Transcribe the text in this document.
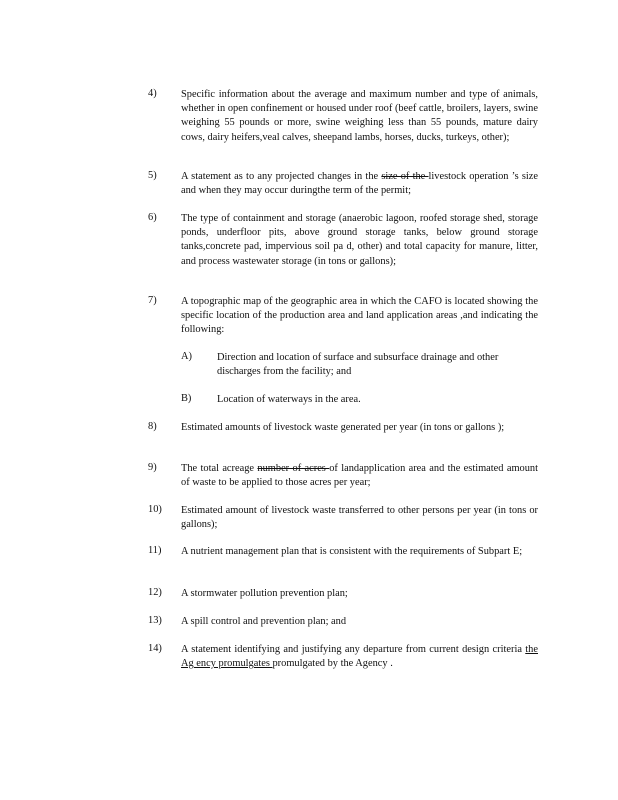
4) Specific information about the average and maximum number and type of animals, whether in open confinement or housed under roof (beef cattle, broilers, layers, swine weighing 55 pounds or more, swine weighing less than 55 pounds, mature dairy cows, dairy heifers,veal calves, sheepand lambs, horses, ducks, turkeys, other);
5) A statement as to any projected changes in the size of the livestock operation ’s size and when they may occur duringthe term of the permit;
6) The type of containment and storage (anaerobic lagoon, roofed storage shed, storage ponds, underfloor pits, above ground storage tanks, below ground storage tanks,concrete pad, impervious soil pa d, other) and total capacity for manure, litter, and process wastewater storage (in tons or gallons);
7) A topographic map of the geographic area in which the CAFO is located showing the specific location of the production area and land application areas ,and indicating the following:
A) Direction and location of surface and subsurface drainage and other discharges from the facility; and
B) Location of waterways in the area.
8) Estimated amounts of livestock waste generated per year (in tons or gallons );
9) The total acreage number of acres of landapplication area and the estimated amount of waste to be applied to those acres per year;
10) Estimated amount of livestock waste transferred to other persons per year (in tons or gallons);
11) A nutrient management plan that is consistent with the requirements of Subpart E;
12) A stormwater pollution prevention plan;
13) A spill control and prevention plan; and
14) A statement identifying and justifying any departure from current design criteria the Ag ency promulgates promulgated by the Agency .
